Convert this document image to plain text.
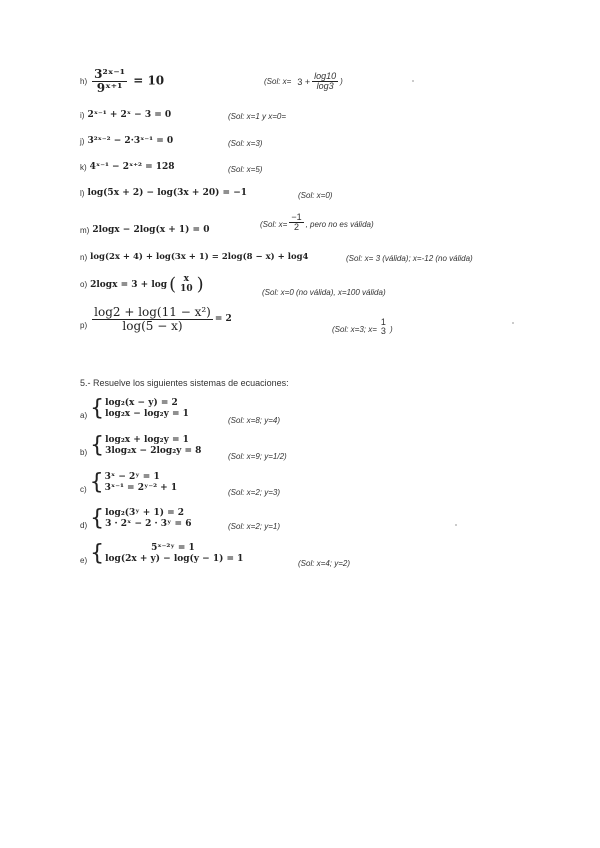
$h) \frac{\text{3²ˣ⁻¹}}{\text{9ˣ⁺¹}} = 10$	(Sol: $x= 3 + \frac{\log 10}{\log 3}$ )
i) 2ˣ⁻¹ + 2ˣ − 3 = 0	(Sol: x=1 y x=0=
j) 3²ˣ⁻² − 2·3ˣ⁻¹ = 0	(Sol: x=3)
k) 4ˣ⁻¹ − 2ˣ⁺² = 128	(Sol: x=5)
l) log(5x + 2) − log(3x + 20) = −1	(Sol: x=0)
m) 2logx − 2log(x + 1) = 0
(Sol: $x= \frac{-1}{2}$ , pero no es válida)
n) log(2x + 4) + log(3x + 1) = 2log(8 − x) + log4	(Sol: x= 3 (válida); x=-12 (no válida)
o) 2logx = 3 + log ( x
10 )	(Sol: x=0 (no válida), x=100 válida)
$p) \frac{\text{log2 + log(11 − x²)}}{\log(5 - x)} = 2$
(Sol: x=3; x=
1
3 )
5.- Resuelve los siguientes sistemas de ecuaciones:
a) { log₂(x − y) = 2
log₂x − log₂y = 1
(Sol: x=8; y=4)
b) { log₂x + log₂y = 1
3log₂x − 2log₂y = 8
(Sol: x=9; y=1/2)
c) { 3ˣ − 2ʸ = 1
3ˣ⁻¹ = 2ʸ⁻² + 1	(Sol: x=2; y=3)
d) { log₂(3ʸ + 1) = 2
3 · 2ˣ − 2 · 3ʸ = 6	(Sol: x=2; y=1)
e) {	5ˣ⁻²ʸ = 1
log(2x + y) − log(y − 1) = 1	(Sol: x=4; y=2)
